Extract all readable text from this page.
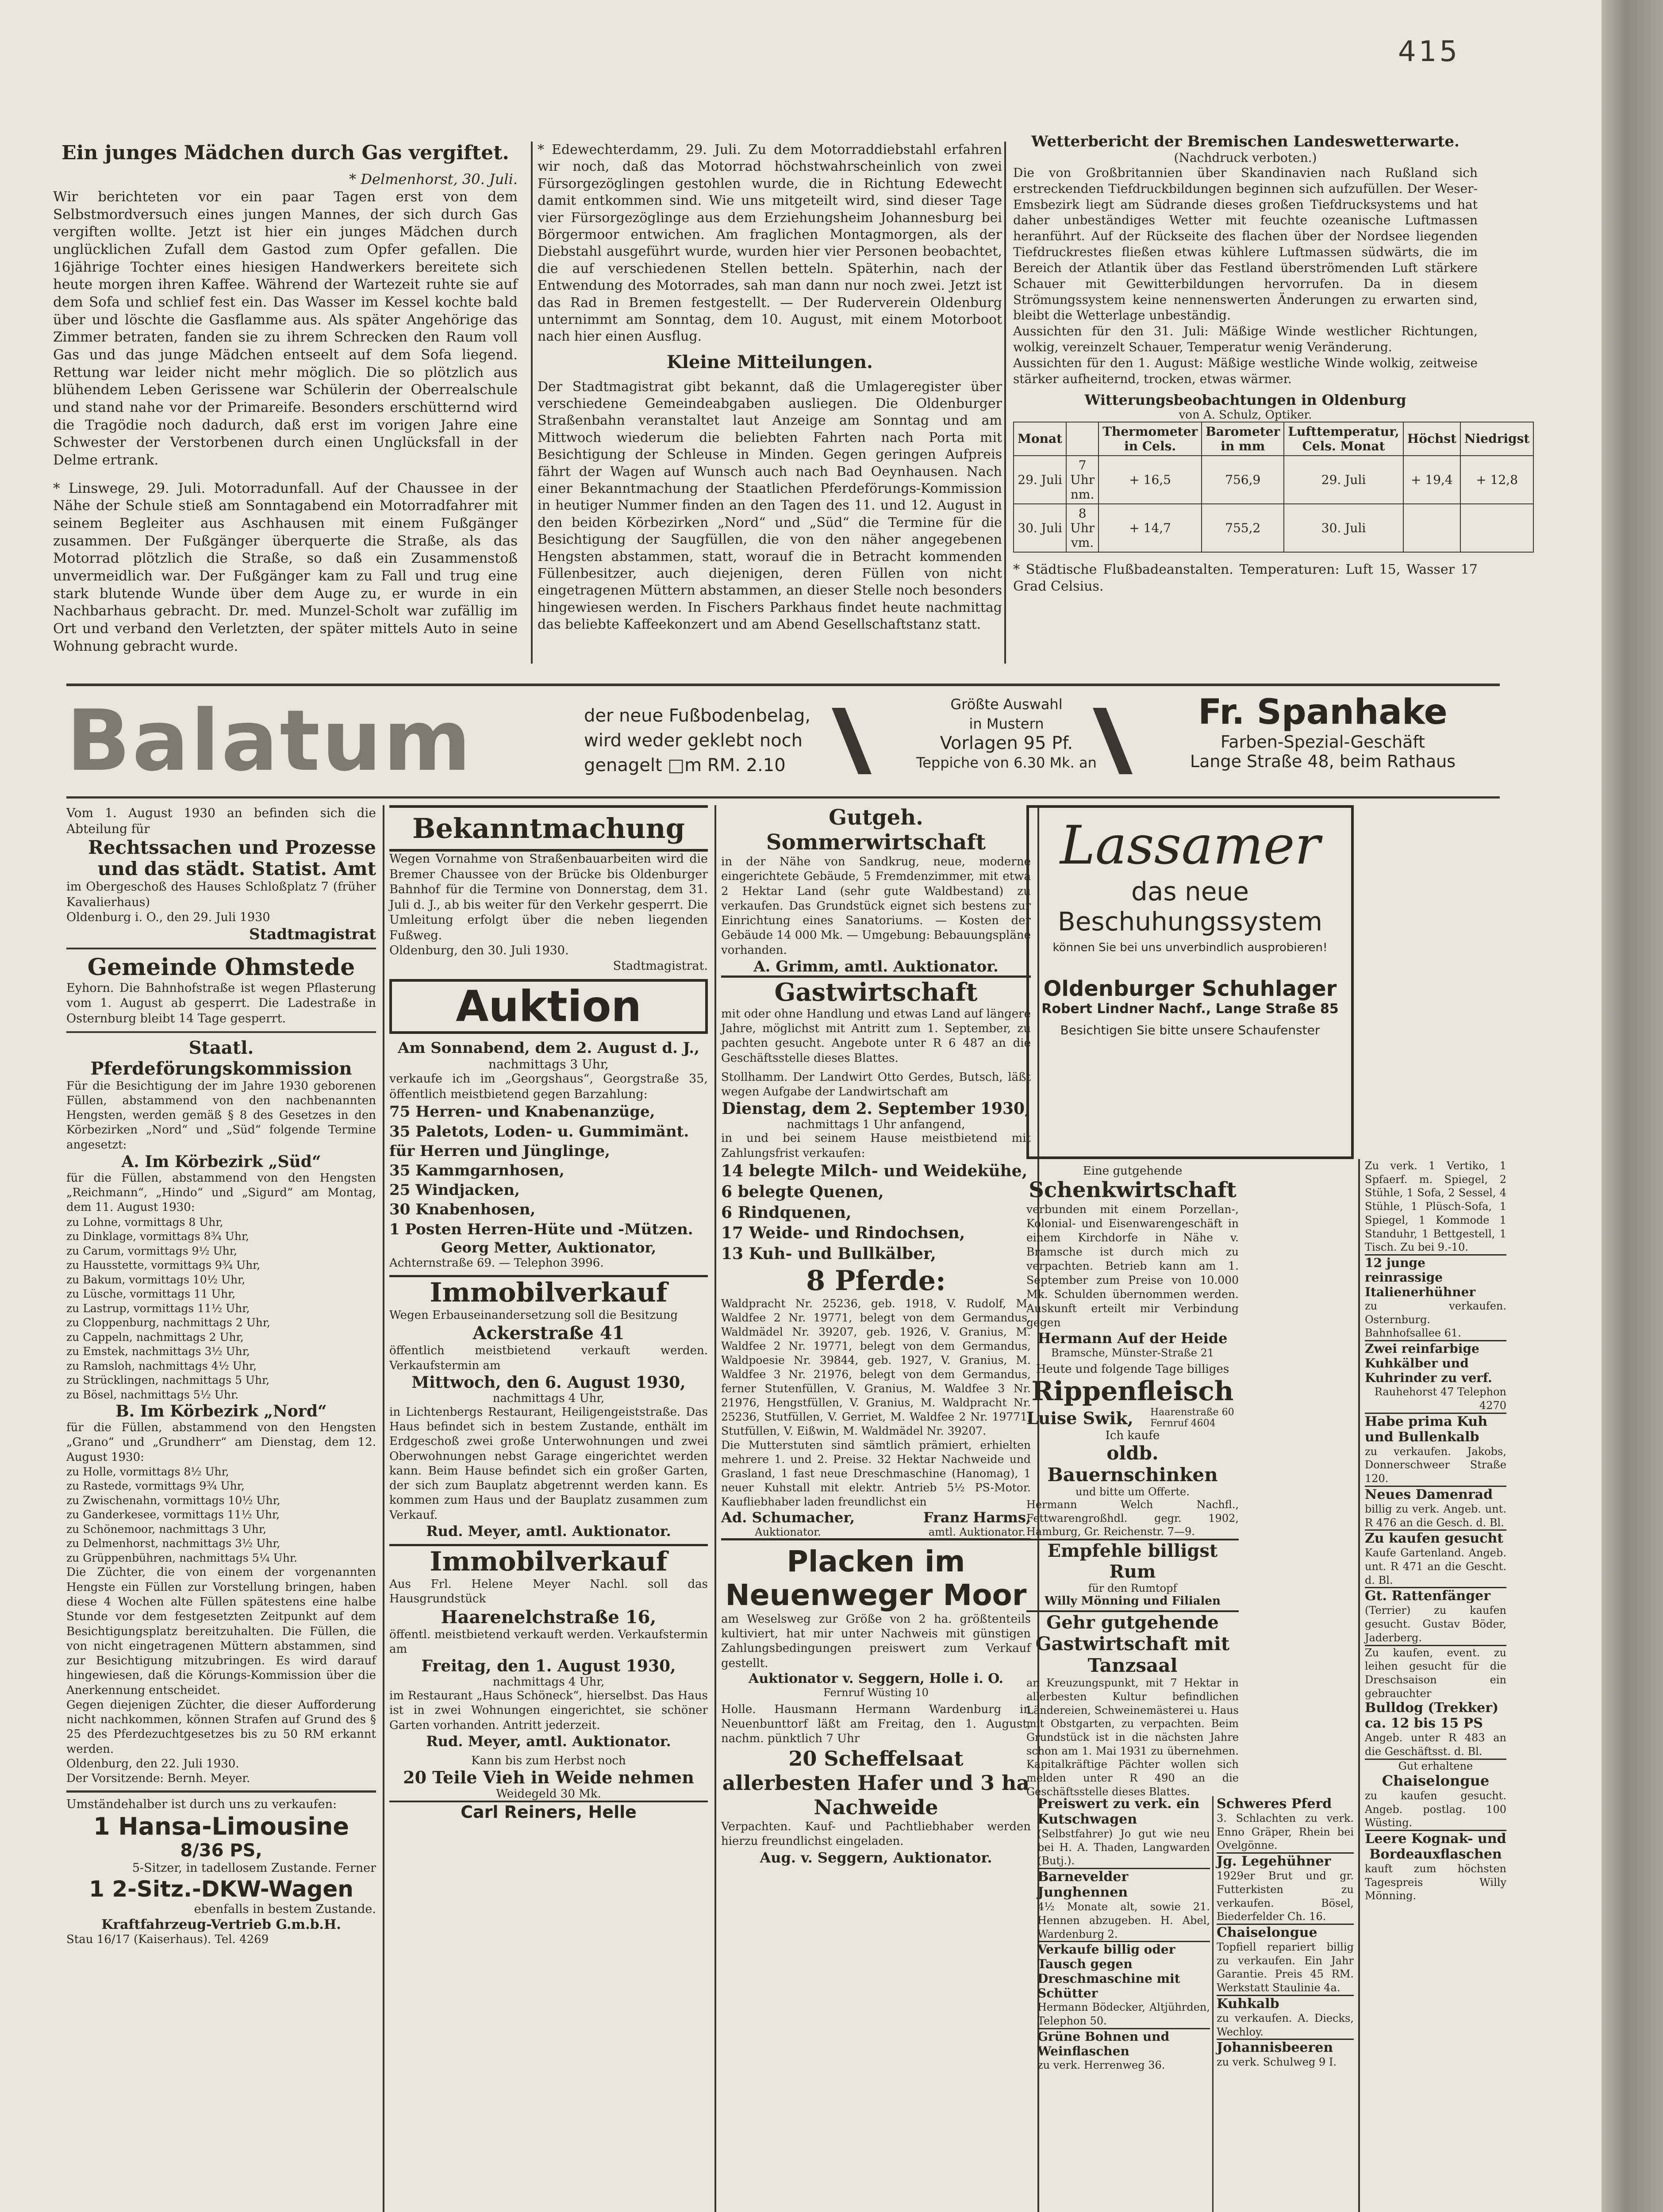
415
Ein junges Mädchen durch Gas vergiftet.

* Delmenhorst, 30. Juli.

Wir berichteten vor ein paar Tagen erst von dem Selbstmordversuch eines jungen Mannes, der sich durch Gas vergiften wollte. Jetzt ist hier ein junges Mädchen durch unglücklichen Zufall dem Gastod zum Opfer gefallen. Die 16jährige Tochter eines hiesigen Handwerkers bereitete sich heute morgen ihren Kaffee. Während der Wartezeit ruhte sie auf dem Sofa und schlief fest ein. Das Wasser im Kessel kochte bald über und löschte die Gasflamme aus. Als später Angehörige das Zimmer betraten, fanden sie zu ihrem Schrecken den Raum voll Gas und das junge Mädchen entseelt auf dem Sofa liegend. Rettung war leider nicht mehr möglich. Die so plötzlich aus blühendem Leben Gerissene war Schülerin der Oberrealschule und stand nahe vor der Primareife. Besonders erschütternd wird die Tragödie noch dadurch, daß erst im vorigen Jahre eine Schwester der Verstorbenen durch einen Unglücksfall in der Delme ertrank.

* Linswege, 29. Juli. Motorradunfall. Auf der Chaussee in der Nähe der Schule stieß am Sonntagabend ein Motorradfahrer mit seinem Begleiter aus Aschhausen mit einem Fußgänger zusammen. Der Fußgänger überquerte die Straße, als das Motorrad plötzlich die Straße, so daß ein Zusammenstoß unvermeidlich war. Der Fußgänger kam zu Fall und trug eine stark blutende Wunde über dem Auge zu, er wurde in ein Nachbarhaus gebracht. Dr. med. Munzel-Scholt war zufällig im Ort und verband den Verletzten, der später mittels Auto in seine Wohnung gebracht wurde.

* Edewechterdamm, 29. Juli. Zu dem Motorraddiebstahl erfahren wir noch, daß das Motorrad höchstwahrscheinlich von zwei Fürsorgezöglingen gestohlen wurde, die in Richtung Edewecht damit entkommen sind. Wie uns mitgeteilt wird, sind dieser Tage vier Fürsorgezöglinge aus dem Erziehungsheim Johannesburg bei Börgermoor entwichen. Am fraglichen Montagmorgen, als der Diebstahl ausgeführt wurde, wurden hier vier Personen beobachtet, die auf verschiedenen Stellen betteln. Späterhin, nach der Entwendung des Motorrades, sah man dann nur noch zwei. Jetzt ist das Rad in Bremen festgestellt. — Der Ruderverein Oldenburg unternimmt am Sonntag, dem 10. August, mit einem Motorboot nach hier einen Ausflug.

Kleine Mitteilungen.

Der Stadtmagistrat gibt bekannt, daß die Umlageregister über verschiedene Gemeindeabgaben ausliegen. Die Oldenburger Straßenbahn veranstaltet laut Anzeige am Sonntag und am Mittwoch wiederum die beliebten Fahrten nach Porta mit Besichtigung der Schleuse in Minden. Gegen geringen Aufpreis fährt der Wagen auf Wunsch auch nach Bad Oeynhausen. Nach einer Bekanntmachung der Staatlichen Pferdeförungs-Kommission in heutiger Nummer finden an den Tagen des 11. und 12. August in den beiden Körbezirken „Nord“ und „Süd“ die Termine für die Besichtigung der Saugfüllen, die von den näher angegebenen Hengsten abstammen, statt, worauf die in Betracht kommenden Füllenbesitzer, auch diejenigen, deren Füllen von nicht eingetragenen Müttern abstammen, an dieser Stelle noch besonders hingewiesen werden. In Fischers Parkhaus findet heute nachmittag das beliebte Kaffeekonzert und am Abend Gesellschaftstanz statt.

Wetterbericht der Bremischen Landeswetterwarte.
(Nachdruck verboten.)

Die von Großbritannien über Skandinavien nach Rußland sich erstreckenden Tiefdruckbildungen beginnen sich aufzufüllen. Der Weser-Emsbezirk liegt am Südrande dieses großen Tiefdrucksystems und hat daher unbeständiges Wetter mit feuchte ozeanische Luftmassen heranführt. Auf der Rückseite des flachen über der Nordsee liegenden Tiefdruckrestes fließen etwas kühlere Luftmassen südwärts, die im Bereich der Atlantik über das Festland überströmenden Luft stärkere Schauer mit Gewitterbildungen hervorrufen. Da in diesem Strömungssystem keine nennenswerten Änderungen zu erwarten sind, bleibt die Wetterlage unbeständig.

Aussichten für den 31. Juli: Mäßige Winde westlicher Richtungen, wolkig, vereinzelt Schauer, Temperatur wenig Veränderung.

Aussichten für den 1. August: Mäßige westliche Winde wolkig, zeitweise stärker aufheiternd, trocken, etwas wärmer.

Witterungsbeobachtungen in Oldenburg
von A. Schulz, Optiker.
Monat		Thermometer in Cels.	Barometer in mm	Lufttemperatur, Cels. Monat	Höchst	Niedrigst
29. Juli	7 Uhr nm.	+ 16,5	756,9	29. Juli	+ 19,4	+ 12,8
30. Juli	8 Uhr vm.	+ 14,7	755,2	30. Juli		

* Städtische Flußbadeanstalten. Temperaturen: Luft 15, Wasser 17 Grad Celsius.

Balatum	der neue Fußbodenbelag,
wird weder geklebt noch
genagelt □m RM. 2.10
Größte Auswahl
in Mustern
Vorlagen 95 Pf.
Teppiche von 6.30 Mk. an
Fr. Spanhake
Farben-Spezial-Geschäft
Lange Straße 48, beim Rathaus

Vom 1. August 1930 an befinden sich die Abteilung für

Rechtssachen und Prozesse und das städt. Statist. Amt

im Obergeschoß des Hauses Schloßplatz 7 (früher Kavalierhaus)

Oldenburg i. O., den 29. Juli 1930

Stadtmagistrat
Gemeinde Ohmstede

Eyhorn. Die Bahnhofstraße ist wegen Pflasterung vom 1. August ab gesperrt. Die Ladestraße in Osternburg bleibt 14 Tage gesperrt.

Staatl.
Pferdeförungskommission

Für die Besichtigung der im Jahre 1930 geborenen Füllen, abstammend von den nachbenannten Hengsten, werden gemäß § 8 des Gesetzes in den Körbezirken „Nord“ und „Süd“ folgende Termine angesetzt:

A. Im Körbezirk „Süd“

für die Füllen, abstammend von den Hengsten „Reichmann“, „Hindo“ und „Sigurd“ am Montag, dem 11. August 1930:

zu Lohne, vormittags 8 Uhr,

zu Dinklage, vormittags 8¾ Uhr,

zu Carum, vormittags 9½ Uhr,

zu Hausstette, vormittags 9¾ Uhr,

zu Bakum, vormittags 10½ Uhr,

zu Lüsche, vormittags 11 Uhr,

zu Lastrup, vormittags 11½ Uhr,

zu Cloppenburg, nachmittags 2 Uhr,

zu Cappeln, nachmittags 2 Uhr,

zu Emstek, nachmittags 3½ Uhr,

zu Ramsloh, nachmittags 4½ Uhr,

zu Strücklingen, nachmittags 5 Uhr,

zu Bösel, nachmittags 5½ Uhr.

B. Im Körbezirk „Nord“

für die Füllen, abstammend von den Hengsten „Grano“ und „Grundherr“ am Dienstag, dem 12. August 1930:

zu Holle, vormittags 8½ Uhr,

zu Rastede, vormittags 9¾ Uhr,

zu Zwischenahn, vormittags 10½ Uhr,

zu Ganderkesee, vormittags 11½ Uhr,

zu Schönemoor, nachmittags 3 Uhr,

zu Delmenhorst, nachmittags 3½ Uhr,

zu Grüppenbühren, nachmittags 5¼ Uhr.

Die Züchter, die von einem der vorgenannten Hengste ein Füllen zur Vorstellung bringen, haben diese 4 Wochen alte Füllen spätestens eine halbe Stunde vor dem festgesetzten Zeitpunkt auf dem Besichtigungsplatz bereitzuhalten. Die Füllen, die von nicht eingetragenen Müttern abstammen, sind zur Besichtigung mitzubringen. Es wird darauf hingewiesen, daß die Körungs-Kommission über die Anerkennung entscheidet.

Gegen diejenigen Züchter, die dieser Aufforderung nicht nachkommen, können Strafen auf Grund des § 25 des Pferdezuchtgesetzes bis zu 50 RM erkannt werden.

Oldenburg, den 22. Juli 1930.

Der Vorsitzende: Bernh. Meyer.

Umständehalber ist durch uns zu verkaufen:

1 Hansa-Limousine
8/36 PS,

5-Sitzer, in tadellosem Zustande. Ferner

1 2-Sitz.-DKW-Wagen

ebenfalls in bestem Zustande.

Kraftfahrzeug-Vertrieb G.m.b.H.

Stau 16/17 (Kaiserhaus). Tel. 4269

Bekanntmachung

Wegen Vornahme von Straßenbauarbeiten wird die Bremer Chaussee von der Brücke bis Oldenburger Bahnhof für die Termine von Donnerstag, dem 31. Juli d. J., ab bis weiter für den Verkehr gesperrt. Die Umleitung erfolgt über die neben liegenden Fußweg.

Oldenburg, den 30. Juli 1930.

Stadtmagistrat.

Auktion
Am Sonnabend, dem 2. August d. J.,
nachmittags 3 Uhr,

verkaufe ich im „Georgshaus“, Georgstraße 35, öffentlich meistbietend gegen Barzahlung:

75 Herren- und Knabenanzüge,

35 Paletots, Loden- u. Gummimänt.

für Herren und Jünglinge,

35 Kammgarnhosen,

25 Windjacken,

30 Knabenhosen,

1 Posten Herren-Hüte und -Mützen.

Georg Metter, Auktionator,

Achternstraße 69. — Telephon 3996.

Immobilverkauf

Wegen Erbauseinandersetzung soll die Besitzung

Ackerstraße 41

öffentlich meistbietend verkauft werden. Verkaufstermin am

Mittwoch, den 6. August 1930,
nachmittags 4 Uhr,

in Lichtenbergs Restaurant, Heiligengeiststraße. Das Haus befindet sich in bestem Zustande, enthält im Erdgeschoß zwei große Unterwohnungen und zwei Oberwohnungen nebst Garage eingerichtet werden kann. Beim Hause befindet sich ein großer Garten, der sich zum Bauplatz abgetrennt werden kann. Es kommen zum Haus und der Bauplatz zusammen zum Verkauf.

Rud. Meyer, amtl. Auktionator.
Immobilverkauf

Aus Frl. Helene Meyer Nachl. soll das Hausgrundstück

Haarenelchstraße 16,

öffentl. meistbietend verkauft werden. Verkaufstermin am

Freitag, den 1. August 1930,
nachmittags 4 Uhr,

im Restaurant „Haus Schöneck“, hierselbst. Das Haus ist in zwei Wohnungen eingerichtet, sie schöner Garten vorhanden. Antritt jederzeit.

Rud. Meyer, amtl. Auktionator.
Kann bis zum Herbst noch
20 Teile Vieh in Weide nehmen
Weidegeld 30 Mk.
Carl Reiners, Helle
Gutgeh. Sommerwirtschaft

in der Nähe von Sandkrug, neue, moderne eingerichtete Gebäude, 5 Fremdenzimmer, mit etwa 2 Hektar Land (sehr gute Waldbestand) zu verkaufen. Das Grundstück eignet sich bestens zur Einrichtung eines Sanatoriums. — Kosten der Gebäude 14 000 Mk. — Umgebung: Bebauungspläne vorhanden.

A. Grimm, amtl. Auktionator.
Gastwirtschaft

mit oder ohne Handlung und etwas Land auf längere Jahre, möglichst mit Antritt zum 1. September, zu pachten gesucht. Angebote unter R 6 487 an die Geschäftsstelle dieses Blattes.

Stollhamm. Der Landwirt Otto Gerdes, Butsch, läßt wegen Aufgabe der Landwirtschaft am

Dienstag, dem 2. September 1930,
nachmittags 1 Uhr anfangend,

in und bei seinem Hause meistbietend mit Zahlungsfrist verkaufen:

14 belegte Milch- und Weidekühe,

6 belegte Quenen,

6 Rindquenen,

17 Weide- und Rindochsen,

13 Kuh- und Bullkälber,

8 Pferde:

Waldpracht Nr. 25236, geb. 1918, V. Rudolf, M. Waldfee 2 Nr. 19771, belegt von dem Germandus, Waldmädel Nr. 39207, geb. 1926, V. Granius, M. Waldfee 2 Nr. 19771, belegt von dem Germandus, Waldpoesie Nr. 39844, geb. 1927, V. Granius, M. Waldfee 3 Nr. 21976, belegt von dem Germandus, ferner Stutenfüllen, V. Granius, M. Waldfee 3 Nr. 21976, Hengstfüllen, V. Granius, M. Waldpracht Nr. 25236, Stutfüllen, V. Gerriet, M. Waldfee 2 Nr. 19771, Stutfüllen, V. Eißwin, M. Waldmädel Nr. 39207.

Die Mutterstuten sind sämtlich prämiert, erhielten mehrere 1. und 2. Preise. 32 Hektar Nachweide und Grasland, 1 fast neue Dreschmaschine (Hanomag), 1 neuer Kuhstall mit elektr. Antrieb 5½ PS-Motor. Kaufliebhaber laden freundlichst ein

Ad. Schumacher,
Auktionator.
Franz Harms,
amtl. Auktionator.
Placken im Neuenweger Moor

am Weselsweg zur Größe von 2 ha. größtenteils kultiviert, hat mir unter Nachweis mit günstigen Zahlungsbedingungen preiswert zum Verkauf gestellt.

Auktionator v. Seggern, Holle i. O.
Fernruf Wüsting 10

Holle. Hausmann Hermann Wardenburg in Neuenbunttorf läßt am Freitag, den 1. August, nachm. pünktlich 7 Uhr

20 Scheffelsaat allerbesten Hafer und 3 ha Nachweide

Verpachten. Kauf- und Pachtliebhaber werden hierzu freundlichst eingeladen.

Aug. v. Seggern, Auktionator.
Lassamer
das neue
Beschuhungssystem
können Sie bei uns unverbindlich ausprobieren!
Oldenburger Schuhlager
Robert Lindner Nachf., Lange Straße 85
Besichtigen Sie bitte unsere Schaufenster
Eine gutgehende
Schenkwirtschaft

verbunden mit einem Porzellan-, Kolonial- und Eisenwarengeschäft in einem Kirchdorfe in Nähe v. Bramsche ist durch mich zu verpachten. Betrieb kann am 1. September zum Preise von 10.000 Mk. Schulden übernommen werden. Auskunft erteilt mir Verbindung gegen

Hermann Auf der Heide
Bramsche, Münster-Straße 21
Heute und folgende Tage billiges
Rippenfleisch
Luise Swik, Haarenstraße 60 Fernruf 4604
Ich kaufe
oldb. Bauernschinken
und bitte um Offerte.

Hermann Welch Nachfl., Fettwarengroßhdl. gegr. 1902, Hamburg, Gr. Reichenstr. 7—9.

Empfehle billigst Rum
für den Rumtopf
Willy Mönning und Filialen
Gehr gutgehende
Gastwirtschaft mit Tanzsaal

an Kreuzungspunkt, mit 7 Hektar in allerbesten Kultur befindlichen Ländereien, Schweinemästerei u. Haus mit Obstgarten, zu verpachten. Beim Grundstück ist in die nächsten Jahre schon am 1. Mai 1931 zu übernehmen. Kapitalkräftige Pächter wollen sich melden unter R 490 an die Geschäftsstelle dieses Blattes.

Preiswert zu verk. ein Kutschwagen

(Selbstfahrer) Jo gut wie neu bei H. A. Thaden, Langwarden (Butj.).

Barnevelder Junghennen

4½ Monate alt, sowie 21. Hennen abzugeben. H. Abel, Wardenburg 2.

Verkaufe billig oder Tausch gegen Dreschmaschine mit Schütter

Hermann Bödecker, Altjührden, Telephon 50.

Grüne Bohnen und Weinflaschen

zu verk. Herrenweg 36.

Schweres Pferd

3. Schlachten zu verk. Enno Gräper, Rhein bei Ovelgönne.

Jg. Legehühner

1929er Brut und gr. Futterkisten zu verkaufen. Bösel, Biederfelder Ch. 16.

Chaiselongue

Topfiell repariert billig zu verkaufen. Ein Jahr Garantie. Preis 45 RM. Werkstatt Staulinie 4a.

Kuhkalb

zu verkaufen. A. Diecks, Wechloy.

Johannisbeeren

zu verk. Schulweg 9 I.

Zu verk. 1 Vertiko, 1 Spfaerf. m. Spiegel, 2 Stühle, 1 Sofa, 2 Sessel, 4 Stühle, 1 Plüsch-Sofa, 1 Spiegel, 1 Kommode 1 Standuhr, 1 Bettgestell, 1 Tisch. Zu bei 9.-10.

12 junge reinrassige Italienerhühner

zu verkaufen. Osternburg. Bahnhofsallee 61.

Zwei reinfarbige Kuhkälber und Kuhrinder zu verf.

Rauhehorst 47 Telephon 4270

Habe prima Kuh und Bullenkalb

zu verkaufen. Jakobs, Donnerschweer Straße 120.

Neues Damenrad

billig zu verk. Angeb. unt. R 476 an die Gesch. d. Bl.

Zu kaufen gesucht

Kaufe Gartenland. Angeb. unt. R 471 an die Gescht. d. Bl.

Gt. Rattenfänger

(Terrier) zu kaufen gesucht. Gustav Böder, Jaderberg.

Zu kaufen, event. zu leihen gesucht für die Dreschsaison ein gebrauchter

Bulldog (Trekker)
ca. 12 bis 15 PS

Angeb. unter R 483 an die Geschäftsst. d. Bl.

Gut erhaltene
Chaiselongue

zu kaufen gesucht. Angeb. postlag. 100 Wüsting.

Leere Kognak- und Bordeauxflaschen

kauft zum höchsten Tagespreis Willy Mönning.
